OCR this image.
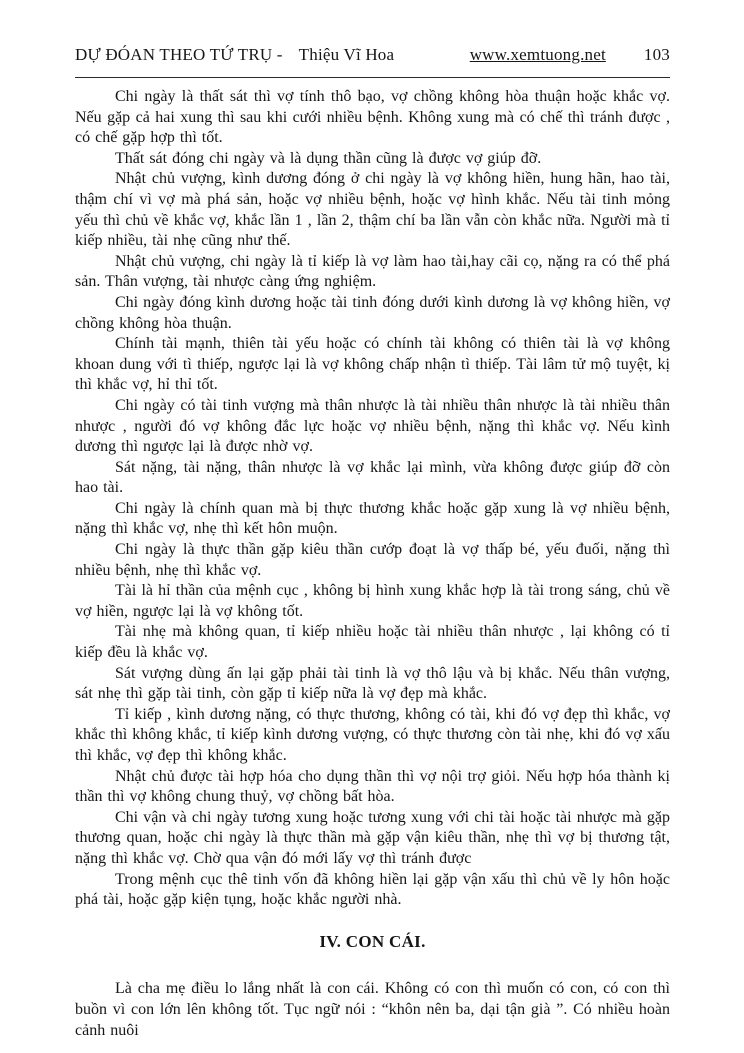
DỰ ĐÓAN THEO TỨ TRỤ - Thiệu Vĩ Hoa	www.xemtuong.net 103

Chi ngày là thất sát thì vợ tính thô bạo, vợ chồng không hòa thuận hoặc khắc vợ. Nếu gặp cả hai xung thì sau khi cưới nhiều bệnh. Không xung mà có chế thì tránh được , có chế gặp hợp thì tốt.

Thất sát đóng chi ngày và là dụng thần cũng là được vợ giúp đỡ.

Nhật chủ vượng, kình dương đóng ở chi ngày là vợ không hiền, hung hãn, hao tài, thậm chí vì vợ mà phá sản, hoặc vợ nhiều bệnh, hoặc vợ hình khắc. Nếu tài tinh mỏng yếu thì chủ về khắc vợ, khắc lần 1 , lần 2, thậm chí ba lần vẫn còn khắc nữa. Người mà tỉ kiếp nhiều, tài nhẹ cũng như thế.

Nhật chủ vượng, chi ngày là tỉ kiếp là vợ làm hao tài,hay cãi cọ, nặng ra có thể phá sản. Thân vượng, tài nhược càng ứng nghiệm.

Chi ngày đóng kình dương hoặc tài tinh đóng dưới kình dương là vợ không hiền, vợ chồng không hòa thuận.

Chính tài mạnh, thiên tài yếu hoặc có chính tài không có thiên tài là vợ không khoan dung với tì thiếp, ngược lại là vợ không chấp nhận tì thiếp. Tài lâm tử mộ tuyệt, kị thì khắc vợ, hỉ thỉ tốt.

Chi ngày có tài tinh vượng mà thân nhược là tài nhiều thân nhược là tài nhiều thân nhược , người đó vợ không đắc lực hoặc vợ nhiều bệnh, nặng thì khắc vợ. Nếu kình dương thì ngược lại là được nhờ vợ.

Sát nặng, tài nặng, thân nhược là vợ khắc lại mình, vừa không được giúp đỡ còn hao tài.

Chi ngày là chính quan mà bị thực thương khắc hoặc gặp xung là vợ nhiều bệnh, nặng thì khắc vợ, nhẹ thì kết hôn muộn.

Chi ngày là thực thần gặp kiêu thần cướp đoạt là vợ thấp bé, yếu đuối, nặng thì nhiều bệnh, nhẹ thì khắc vợ.

Tài là hỉ thần của mệnh cục , không bị hình xung khắc hợp là tài trong sáng, chủ về vợ hiền, ngược lại là vợ không tốt.

Tài nhẹ mà không quan, tỉ kiếp nhiều hoặc tài nhiều thân nhược , lại không có tỉ kiếp đều là khắc vợ.

Sát vượng dùng ấn lại gặp phải tài tinh là vợ thô lậu và bị khắc. Nếu thân vượng, sát nhẹ thì gặp tài tinh, còn gặp tỉ kiếp nữa là vợ đẹp mà khắc.

Tỉ kiếp , kình dương nặng, có thực thương, không có tài, khi đó vợ đẹp thì khắc, vợ khắc thì không khắc, tỉ kiếp kình dương vượng, có thực thương còn tài nhẹ, khi đó vợ xấu thì khắc, vợ đẹp thì không khắc.

Nhật chủ được tài hợp hóa cho dụng thần thì vợ nội trợ giỏi. Nếu hợp hóa thành kị thần thì vợ không chung thuỷ, vợ chồng bất hòa.

Chi vận và chi ngày tương xung hoặc tương xung với chi tài hoặc tài nhược mà gặp thương quan, hoặc chi ngày là thực thần mà gặp vận kiêu thần, nhẹ thì vợ bị thương tật, nặng thì khắc vợ. Chờ qua vận đó mới lấy vợ thì tránh được

Trong mệnh cục thê tinh vốn đã không hiền lại gặp vận xấu thì chủ về ly hôn hoặc phá tài, hoặc gặp kiện tụng, hoặc khắc người nhà.

IV. CON CÁI.

Là cha mẹ điều lo lắng nhất là con cái. Không có con thì muốn có con, có con thì buồn vì con lớn lên không tốt. Tục ngữ nói : “khôn nên ba, dại tận già ”. Có nhiều hoàn cảnh nuôi
